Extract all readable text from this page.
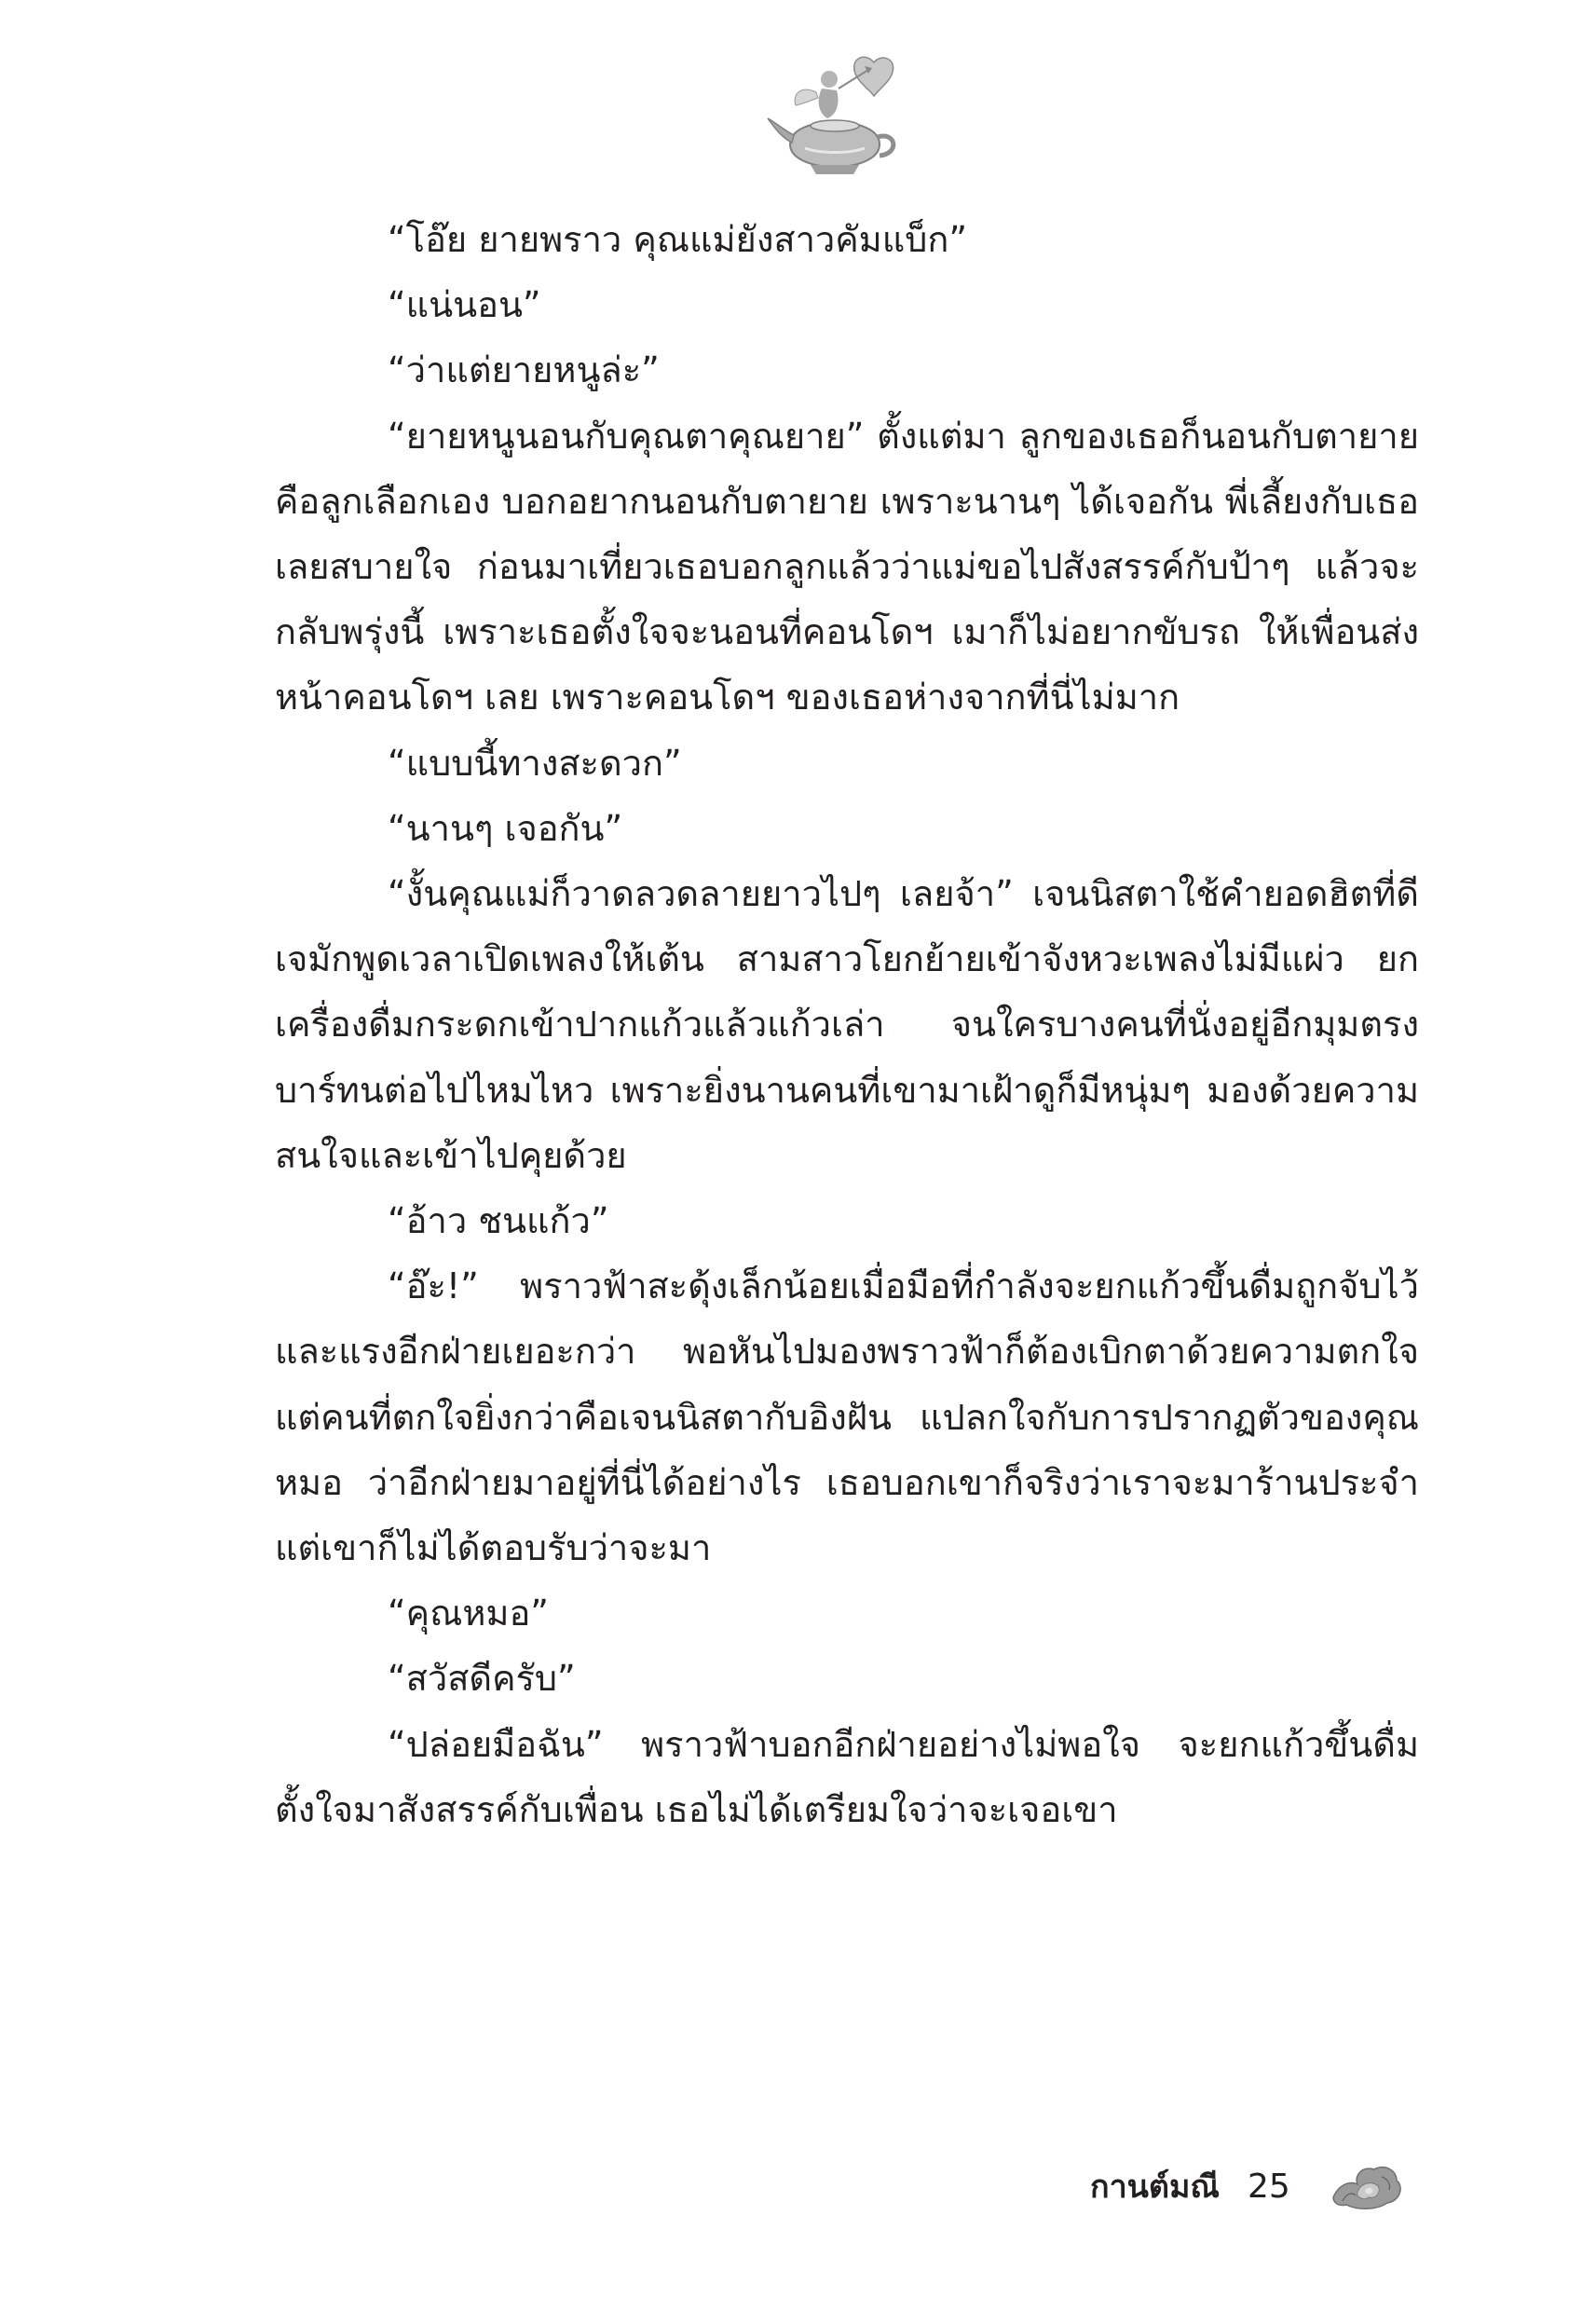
“โอ๊ย ยายพราว คุณแม่ยังสาวคัมแบ็ก”

“แน่นอน”

“ว่าแต่ยายหนูล่ะ”

“ยายหนูนอนกับคุณตาคุณยาย” ตั้งแต่มา ลูกของเธอก็นอนกับตายาย คือลูกเลือกเอง บอกอยากนอนกับตายาย เพราะนานๆ ได้เจอกัน พี่เลี้ยงกับเธอเลยสบายใจ ก่อนมาเที่ยวเธอบอกลูกแล้วว่าแม่ขอไปสังสรรค์กับป้าๆ แล้วจะกลับพรุ่งนี้ เพราะเธอตั้งใจจะนอนที่คอนโดฯ เมาก็ไม่อยากขับรถ ให้เพื่อนส่งหน้าคอนโดฯ เลย เพราะคอนโดฯ ของเธอห่างจากที่นี่ไม่มาก

“แบบนี้ทางสะดวก”

“นานๆ เจอกัน”

“งั้นคุณแม่ก็วาดลวดลายยาวไปๆ เลยจ้า” เจนนิสตาใช้คำยอดฮิตที่ดีเจมักพูดเวลาเปิดเพลงให้เต้น สามสาวโยกย้ายเข้าจังหวะเพลงไม่มีแผ่ว ยกเครื่องดื่มกระดกเข้าปากแก้วแล้วแก้วเล่า จนใครบางคนที่นั่งอยู่อีกมุมตรงบาร์ทนต่อไปไหมไหว เพราะยิ่งนานคนที่เขามาเฝ้าดูก็มีหนุ่มๆ มองด้วยความสนใจและเข้าไปคุยด้วย

“อ้าว ชนแก้ว”

“อ๊ะ!” พราวฟ้าสะดุ้งเล็กน้อยเมื่อมือที่กำลังจะยกแก้วขึ้นดื่มถูกจับไว้ และแรงอีกฝ่ายเยอะกว่า พอหันไปมองพราวฟ้าก็ต้องเบิกตาด้วยความตกใจ แต่คนที่ตกใจยิ่งกว่าคือเจนนิสตากับอิงฝัน แปลกใจกับการปรากฏตัวของคุณหมอ ว่าอีกฝ่ายมาอยู่ที่นี่ได้อย่างไร เธอบอกเขาก็จริงว่าเราจะมาร้านประจำ แต่เขาก็ไม่ได้ตอบรับว่าจะมา

“คุณหมอ”

“สวัสดีครับ”

“ปล่อยมือฉัน” พราวฟ้าบอกอีกฝ่ายอย่างไม่พอใจ จะยกแก้วขึ้นดื่ม ตั้งใจมาสังสรรค์กับเพื่อน เธอไม่ได้เตรียมใจว่าจะเจอเขา

กานต์มณี 25
